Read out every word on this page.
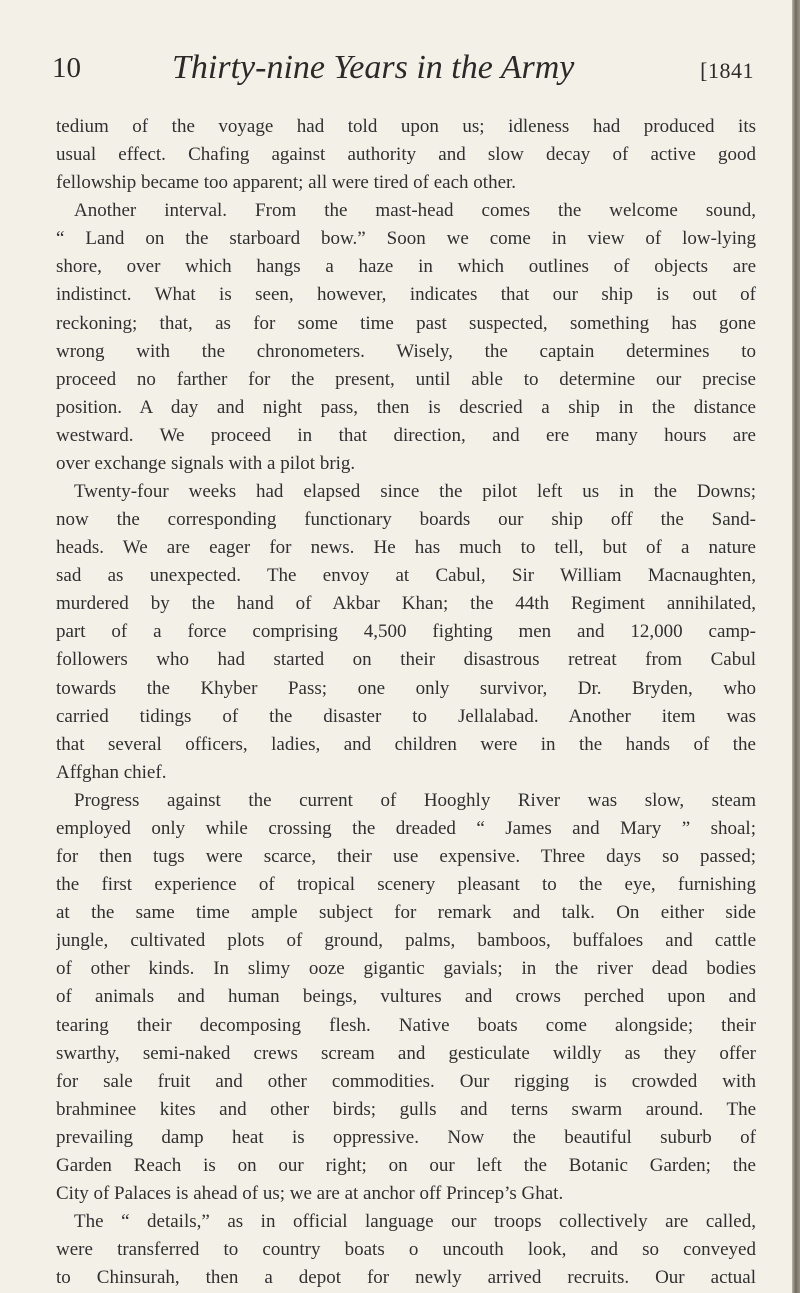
10	Thirty-nine Years in the Army	[1841
tedium of the voyage had told upon us; idleness had produced its
usual effect. Chafing against authority and slow decay of active good
fellowship became too apparent; all were tired of each other.
Another interval. From the mast-head comes the welcome sound,
“ Land on the starboard bow.” Soon we come in view of low-lying
shore, over which hangs a haze in which outlines of objects are
indistinct. What is seen, however, indicates that our ship is out of
reckoning; that, as for some time past suspected, something has gone
wrong with the chronometers. Wisely, the captain determines to
proceed no farther for the present, until able to determine our precise
position. A day and night pass, then is descried a ship in the distance
westward. We proceed in that direction, and ere many hours are
over exchange signals with a pilot brig.
Twenty-four weeks had elapsed since the pilot left us in the Downs;
now the corresponding functionary boards our ship off the Sand-
heads. We are eager for news. He has much to tell, but of a nature
sad as unexpected. The envoy at Cabul, Sir William Macnaughten,
murdered by the hand of Akbar Khan; the 44th Regiment annihilated,
part of a force comprising 4,500 fighting men and 12,000 camp-
followers who had started on their disastrous retreat from Cabul
towards the Khyber Pass; one only survivor, Dr. Bryden, who
carried tidings of the disaster to Jellalabad. Another item was
that several officers, ladies, and children were in the hands of the
Affghan chief.
Progress against the current of Hooghly River was slow, steam
employed only while crossing the dreaded “ James and Mary ” shoal;
for then tugs were scarce, their use expensive. Three days so passed;
the first experience of tropical scenery pleasant to the eye, furnishing
at the same time ample subject for remark and talk. On either side
jungle, cultivated plots of ground, palms, bamboos, buffaloes and cattle
of other kinds. In slimy ooze gigantic gavials; in the river dead bodies
of animals and human beings, vultures and crows perched upon and
tearing their decomposing flesh. Native boats come alongside; their
swarthy, semi-naked crews scream and gesticulate wildly as they offer
for sale fruit and other commodities. Our rigging is crowded with
brahminee kites and other birds; gulls and terns swarm around. The
prevailing damp heat is oppressive. Now the beautiful suburb of
Garden Reach is on our right; on our left the Botanic Garden; the
City of Palaces is ahead of us; we are at anchor off Princep’s Ghat.
The “ details,” as in official language our troops collectively are called,
were transferred to country boats o uncouth look, and so conveyed
to Chinsurah, then a depot for newly arrived recruits. Our actual
